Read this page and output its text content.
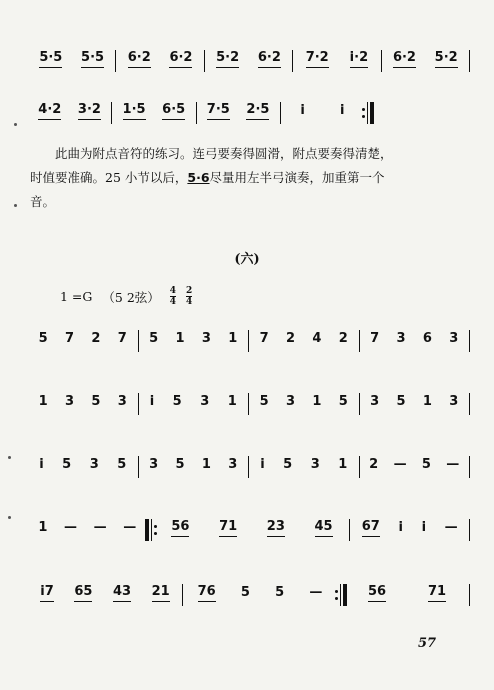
5·5 5·5 6·2 6·2 5·2 6·2 7·2 i·2 6·2 5·2
4·2 3·2 1·5 6·5 7·5 2·5 i	i
此曲为附点音符的练习。连弓要奏得圆滑，附点要奏得清楚，
时值要准确。25 小节以后，5·6尽量用左半弓演奏，加重第一个
音。
(六)
1 =G （5 2弦） $\frac{4}{4} \frac{2}{4}$
5 7 2 7 5 1 3 1 7 2 4 2 7 3 6 3
1 3 5 3 i 5 3 1 5 3 1 5 3 5 1 3
i 5 3 5 3 5 1 3 i 5 3 1 2 — 5 —
1 — — —	56 71 23 45 67 i i —
i7 65 43 21 76 5 5 —	56	71
57
